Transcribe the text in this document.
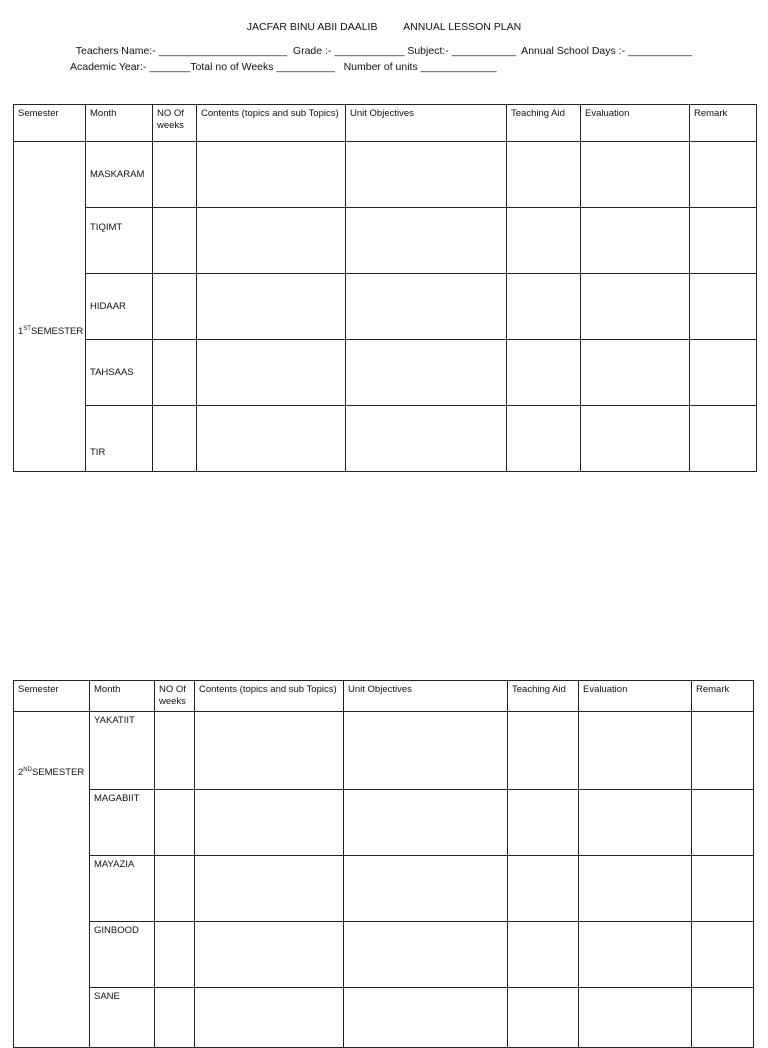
JACFAR BINU ABII DAALIB ANNUAL LESSON PLAN
Teachers Name:- ______________________  Grade :- ____________ Subject:- ___________  Annual School Days :- ___________
Academic Year:- _______Total no of Weeks __________   Number of units _____________
Semester	Month	NO Of weeks	Contents (topics and sub Topics)	Unit Objectives	Teaching Aid	Evaluation	Remark
1STSEMESTER	MASKARAM						
	TIQIMT						
	HIDAAR						
	TAHSAAS						
	TIR						
Semester	Month	NO Of weeks	Contents (topics and sub Topics)	Unit Objectives	Teaching Aid	Evaluation	Remark
2NDSEMESTER	YAKATIIT						
	MAGABIIT						
	MAYAZIA						
	GINBOOD						
	SANE						
